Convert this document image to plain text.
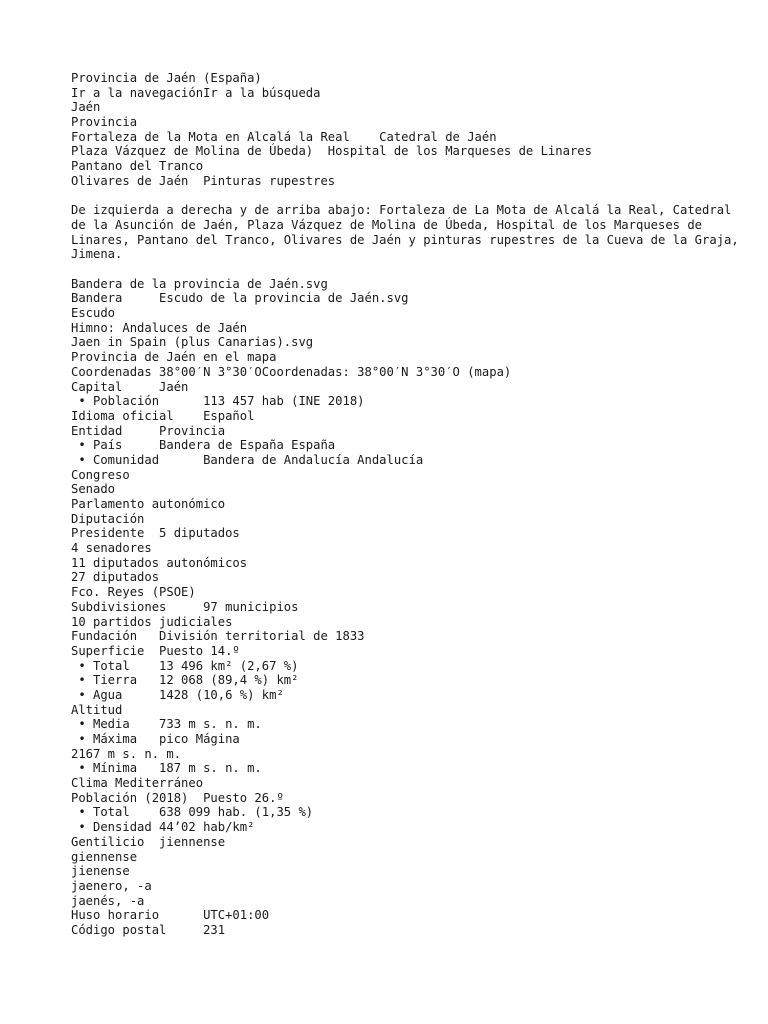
Provincia de Jaén (España)
Ir a la navegaciónIr a la búsqueda
Jaén
Provincia
Fortaleza de la Mota en Alcalá la Real    Catedral de Jaén
Plaza Vázquez de Molina de Úbeda)  Hospital de los Marqueses de Linares
Pantano del Tranco
Olivares de Jaén  Pinturas rupestres
De izquierda a derecha y de arriba abajo: Fortaleza de La Mota de Alcalá la Real, Catedral de la Asunción de Jaén, Plaza Vázquez de Molina de Úbeda, Hospital de los Marqueses de Linares, Pantano del Tranco, Olivares de Jaén y pinturas rupestres de la Cueva de la Graja, Jimena.
Bandera de la provincia de Jaén.svg
Bandera     Escudo de la provincia de Jaén.svg
Escudo
Himno: Andaluces de Jaén
Jaen in Spain (plus Canarias).svg
Provincia de Jaén en el mapa
Coordenadas 38°00′N 3°30′OCoordenadas: 38°00′N 3°30′O (mapa)
Capital     Jaén
• Población      113 457 hab (INE 2018)
Idioma oficial    Español
Entidad     Provincia
• País     Bandera de España España
• Comunidad      Bandera de Andalucía Andalucía
Congreso
Senado
Parlamento autonómico
Diputación
Presidente  5 diputados
4 senadores
11 diputados autonómicos
27 diputados
Fco. Reyes (PSOE)
Subdivisiones     97 municipios
10 partidos judiciales
Fundación   División territorial de 1833
Superficie  Puesto 14.º
• Total    13 496 km² (2,67 %)
• Tierra   12 068 (89,4 %) km²
• Agua     1428 (10,6 %) km²
Altitud
• Media    733 m s. n. m.
• Máxima   pico Mágina
2167 m s. n. m.
• Mínima   187 m s. n. m.
Clima Mediterráneo
Población (2018)  Puesto 26.º
• Total    638 099 hab. (1,35 %)
• Densidad 44’02 hab/km²
Gentilicio  jiennense
giennense
jienense
jaenero, -a
jaenés, -a
Huso horario      UTC+01:00
Código postal     231
